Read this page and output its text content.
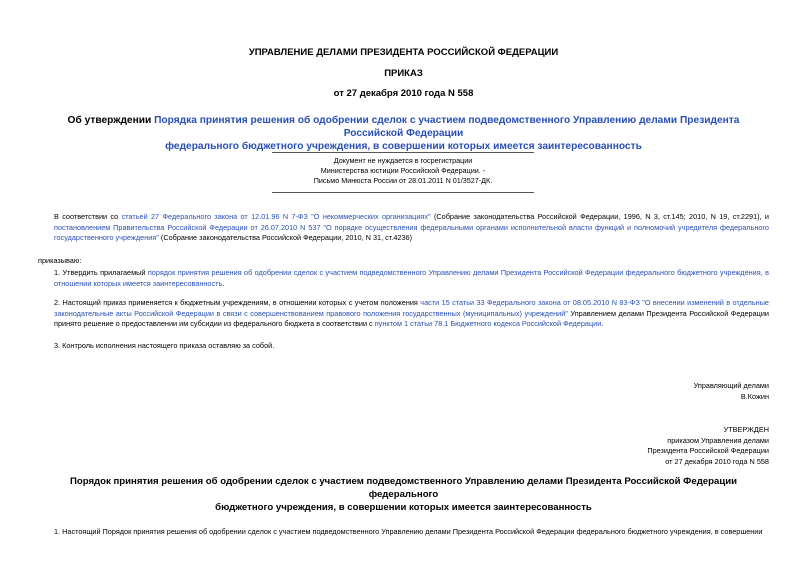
УПРАВЛЕНИЕ ДЕЛАМИ ПРЕЗИДЕНТА РОССИЙСКОЙ ФЕДЕРАЦИИ
ПРИКАЗ
от 27 декабря 2010 года N 558
Об утверждении Порядка принятия решения об одобрении сделок с участием подведомственного Управлению делами Президента Российской Федерации
федерального бюджетного учреждения, в совершении которых имеется заинтересованность
Документ не нуждается в госрегистрации
Министерства юстиции Российской Федерации. -
Письмо Минюста России от 28.01.2011 N 01/3527-ДК.
В соответствии со статьей 27 Федерального закона от 12.01.96 N 7-ФЗ "О некоммерческих организациях" (Собрание законодательства Российской Федерации, 1996, N 3, ст.145; 2010, N 19, ст.2291), и постановлением Правительства Российской Федерации от 26.07.2010 N 537 "О порядке осуществления федеральными органами исполнительной власти функций и полномочий учредителя федерального государственного учреждения" (Собрание законодательства Российской Федерации, 2010, N 31, ст.4236)
приказываю:
1. Утвердить прилагаемый порядок принятия решения об одобрении сделок с участием подведомственного Управлению делами Президента Российской Федерации федерального бюджетного учреждения, в отношении которых имеется заинтересованность.
2. Настоящий приказ применяется к бюджетным учреждениям, в отношении которых с учетом положения части 15 статьи 33 Федерального закона от 08.05.2010 N 83-ФЗ "О внесении изменений в отдельные законодательные акты Российской Федерации в связи с совершенствованием правового положения государственных (муниципальных) учреждений" Управлением делами Президента Российской Федерации принято решение о предоставлении им субсидии из федерального бюджета в соответствии с пунктом 1 статьи 78.1 Бюджетного кодекса Российской Федерации.
3. Контроль исполнения настоящего приказа оставляю за собой.
Управляющий делами
В.Кожин
УТВЕРЖДЕН
приказом Управления делами
Президента Российской Федерации
от 27 декабря 2010 года N 558
Порядок принятия решения об одобрении сделок с участием подведомственного Управлению делами Президента Российской Федерации федерального
бюджетного учреждения, в совершении которых имеется заинтересованность
1. Настоящий Порядок принятия решения об одобрении сделок с участием подведомственного Управлению делами Президента Российской Федерации федерального бюджетного учреждения, в совершении
